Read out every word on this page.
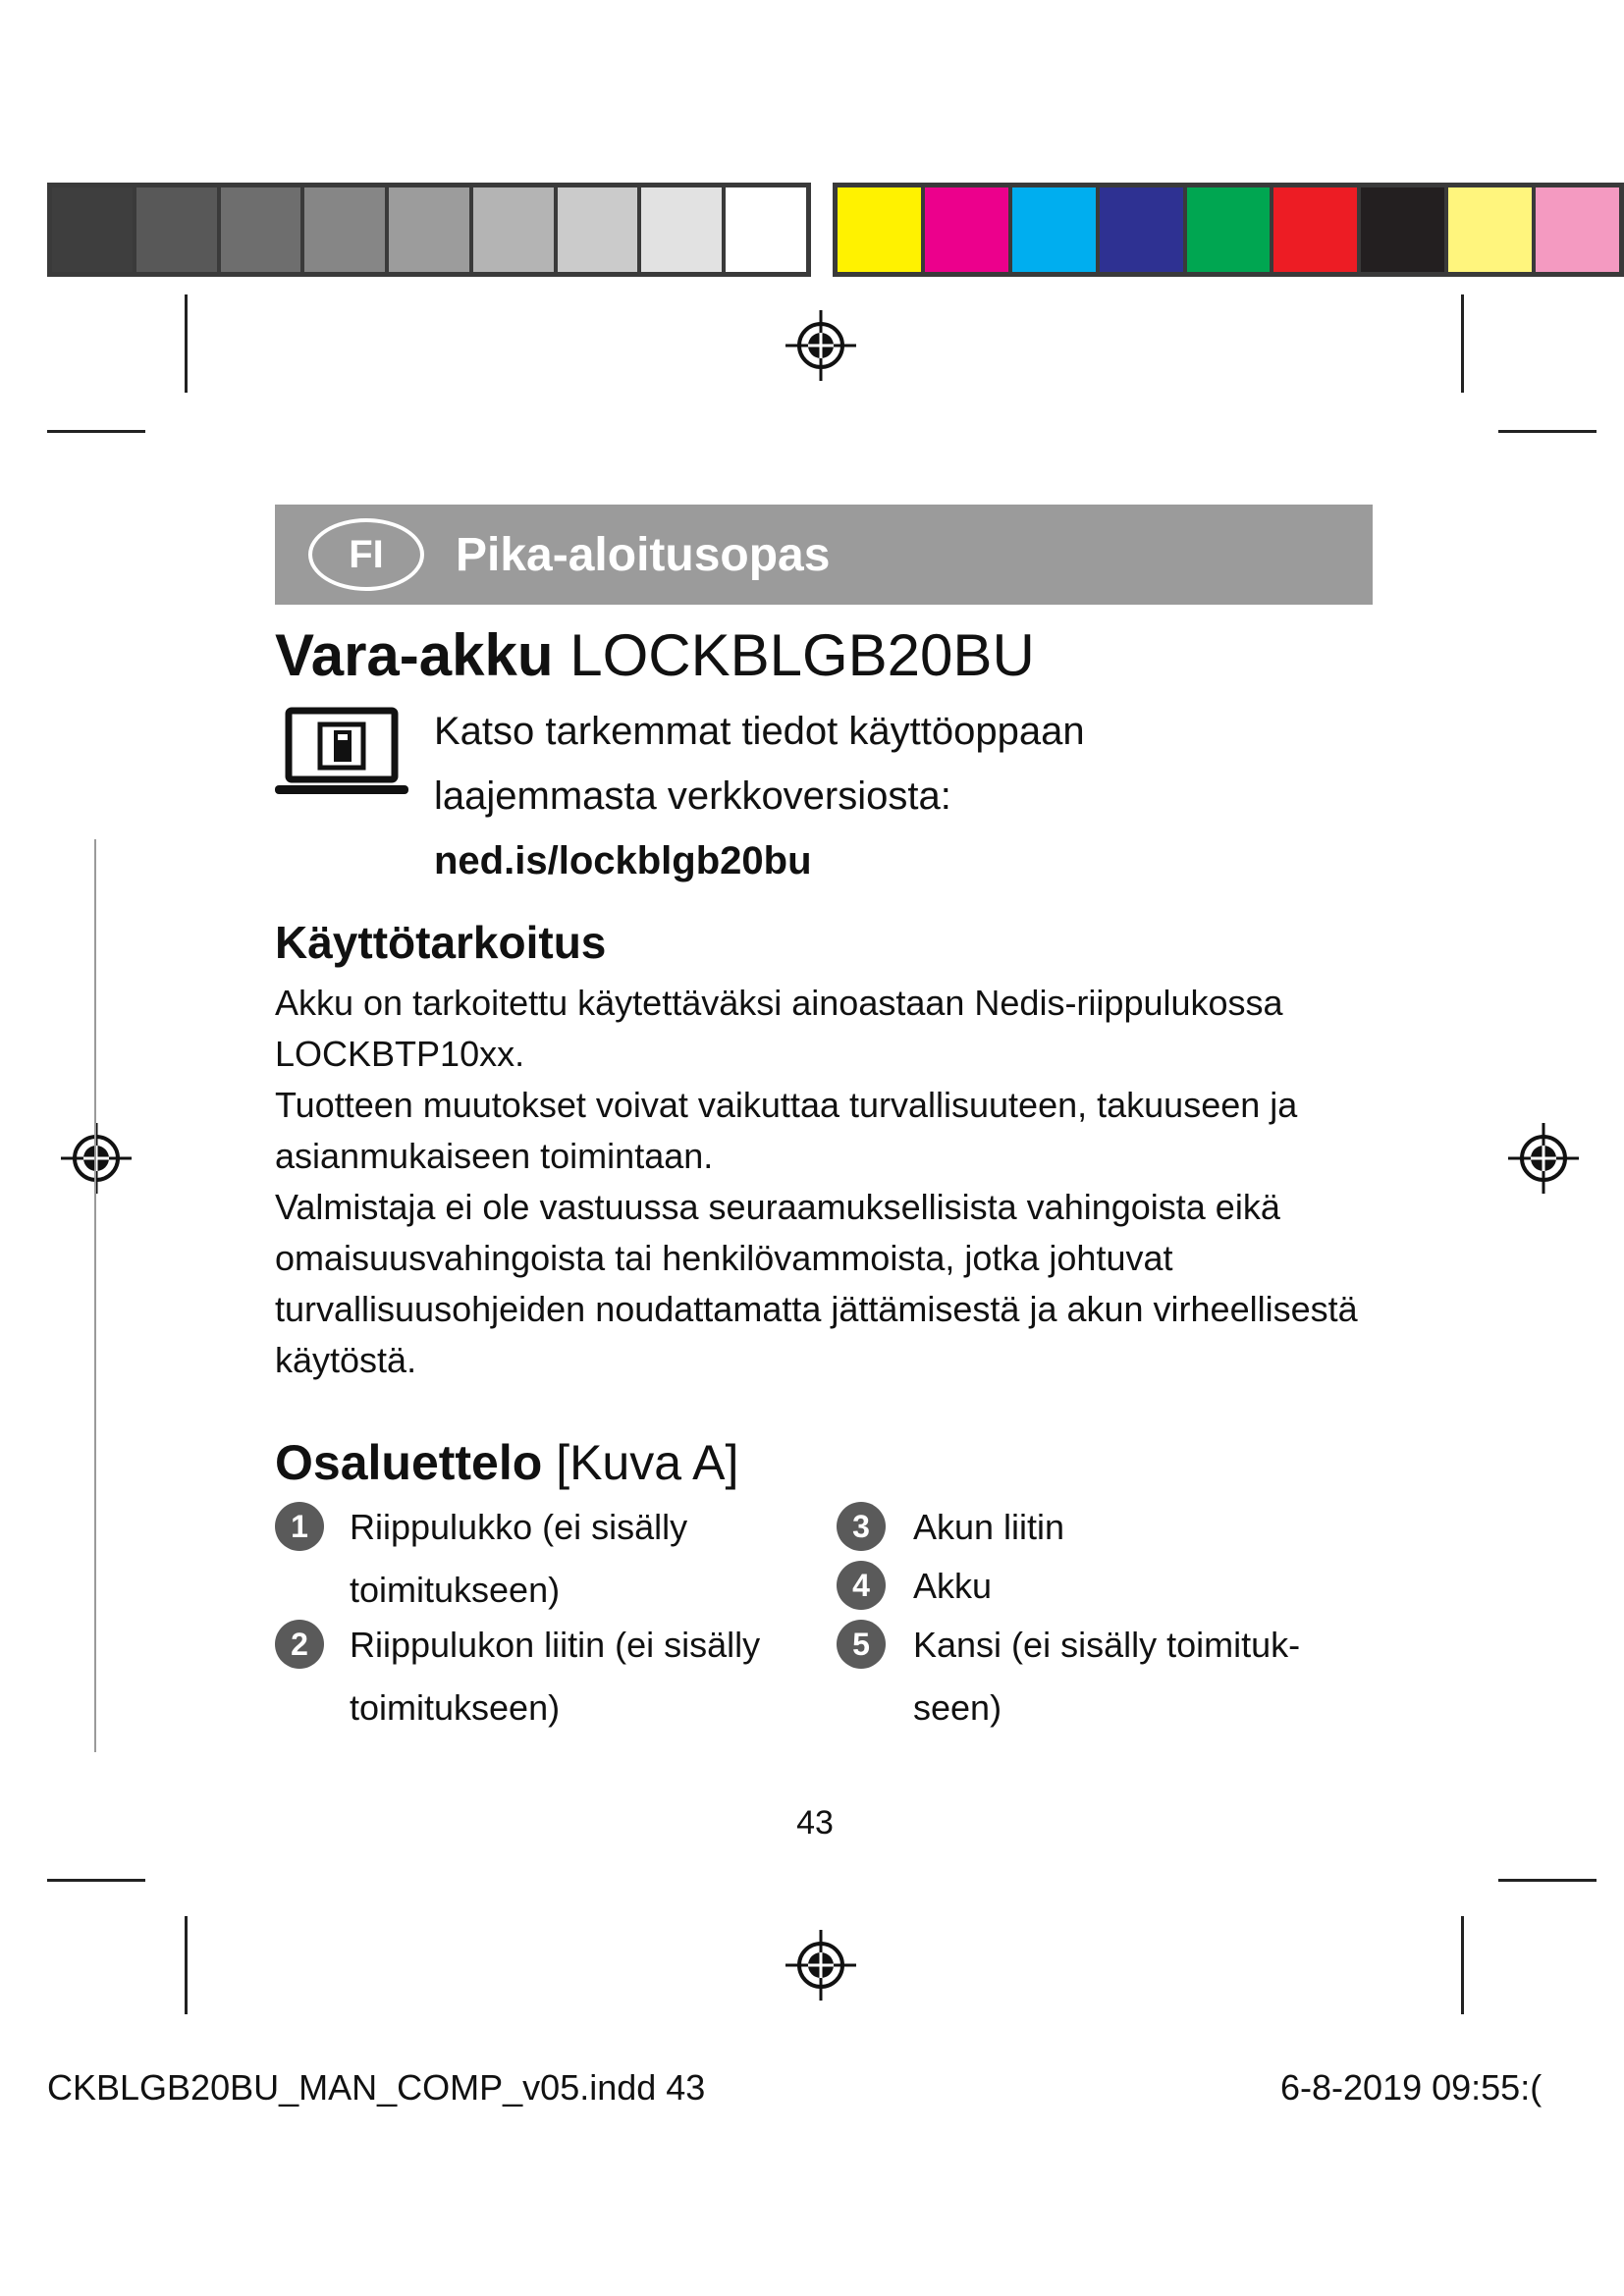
FI Pika-aloitusopas
Vara-akku LOCKBLGB20BU
Katso tarkemmat tiedot käyttöoppaan
laajemmasta verkkoversiosta:
ned.is/lockblgb20bu
Käyttötarkoitus

Akku on tarkoitettu käytettäväksi ainoastaan Nedis-riippulukossa LOCKBTP10xx.

Tuotteen muutokset voivat vaikuttaa turvallisuuteen, takuuseen ja asianmukaiseen toimintaan.

Valmistaja ei ole vastuussa seuraamuksellisista vahingoista eikä omaisuusvahingoista tai henkilövammoista, jotka johtuvat turvallisuusohjeiden noudattamatta jättämisestä ja akun virheellisestä käytöstä.

Osaluettelo [Kuva A]
1 Riippulukko (ei sisälly
toimitukseen)
2 Riippulukon liitin (ei sisälly
toimitukseen)
3 Akun liitin
4 Akku
5 Kansi (ei sisälly toimituk-
seen)
43
CKBLGB20BU_MAN_COMP_v05.indd 43	6-8-2019 09:55:(
